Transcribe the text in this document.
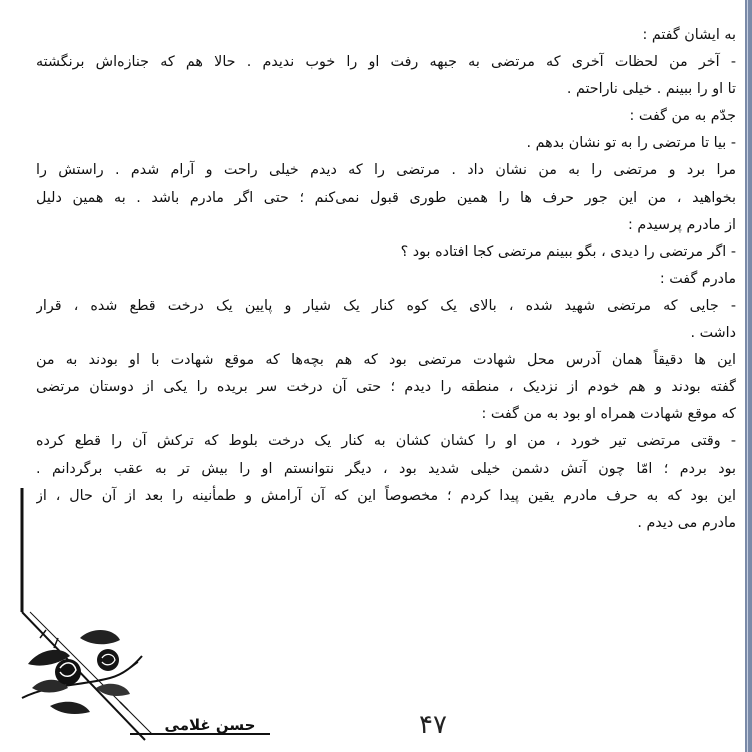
به ایشان گفتم :
- آخر من لحظات آخری که مرتضی به جبهه رفت او را خوب ندیدم . حالا هم که جنازه‌اش برنگشته
تا او را ببینم . خیلی ناراحتم .
جدّم به من گفت :
- بیا تا مرتضی را به تو نشان بدهم .
مرا برد و مرتضی را به من نشان داد . مرتضی را که دیدم خیلی راحت و آرام شدم . راستش را
بخواهید ، من این جور حرف ها را همین طوری قبول نمی‌کنم ؛ حتی اگر مادرم باشد . به همین دلیل
از مادرم پرسیدم :
- اگر مرتضی را دیدی ، بگو ببینم مرتضی کجا افتاده بود ؟
مادرم گفت :
- جایی که مرتضی شهید شده ، بالای یک کوه کنار یک شیار و پایین یک درخت قطع شده ، قرار
داشت .
این ها دقیقاً همان آدرس محل شهادت مرتضی بود که هم بچه‌ها که موقع شهادت با او بودند به من
گفته بودند و هم خودم از نزدیک ، منطقه را دیدم ؛ حتی آن درخت سر بریده را یکی از دوستان مرتضی
که موقع شهادت همراه او بود به من گفت :
- وقتی مرتضی تیر خورد ، من او را کشان کشان به کنار یک درخت بلوط که ترکش آن را قطع کرده
بود بردم ؛ امّا چون آتش دشمن خیلی شدید بود ، دیگر نتوانستم او را بیش تر به عقب برگردانم .
این بود که به حرف مادرم یقین پیدا کردم ؛ مخصوصاً این که آن آرامش و طمأنینه را بعد از آن حال ، از
مادرم می دیدم .
حسن غلامی	۴۷
